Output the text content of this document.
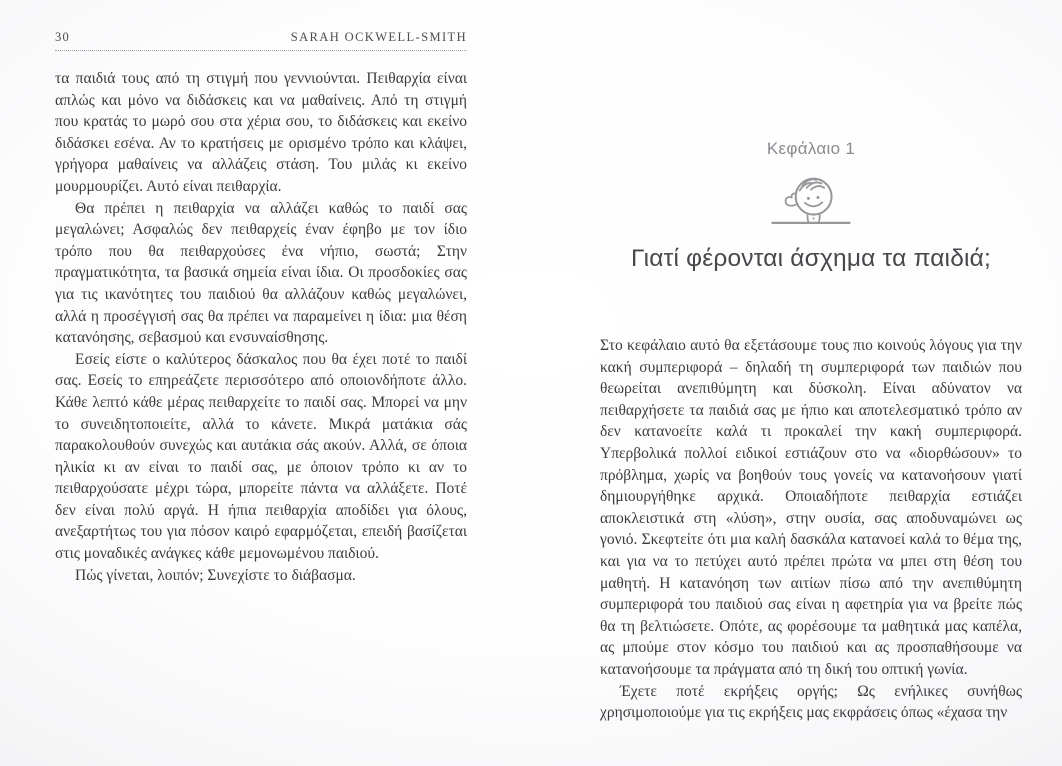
30	SARAH OCKWELL-SMITH

τα παιδιά τους από τη στιγμή που γεννιούνται. Πειθαρχία είναι απλώς και μόνο να διδάσκεις και να μαθαίνεις. Από τη στιγμή που κρατάς το μωρό σου στα χέρια σου, το διδάσκεις και εκείνο διδάσκει εσένα. Αν το κρατήσεις με ορισμένο τρόπο και κλάψει, γρήγορα μαθαίνεις να αλλάζεις στάση. Του μιλάς κι εκείνο μουρμουρίζει. Αυτό είναι πειθαρχία.

Θα πρέπει η πειθαρχία να αλλάζει καθώς το παιδί σας μεγαλώνει; Ασφαλώς δεν πειθαρχείς έναν έφηβο με τον ίδιο τρόπο που θα πειθαρχούσες ένα νήπιο, σωστά; Στην πραγματικότητα, τα βασικά σημεία είναι ίδια. Οι προσδοκίες σας για τις ικανότητες του παιδιού θα αλλάζουν καθώς μεγαλώνει, αλλά η προσέγγισή σας θα πρέπει να παραμείνει η ίδια: μια θέση κατανόησης, σεβασμού και ενσυναίσθησης.

Εσείς είστε ο καλύτερος δάσκαλος που θα έχει ποτέ το παιδί σας. Εσείς το επηρεάζετε περισσότερο από οποιονδήποτε άλλο. Κάθε λεπτό κάθε μέρας πειθαρχείτε το παιδί σας. Μπορεί να μην το συνειδητοποιείτε, αλλά το κάνετε. Μικρά ματάκια σάς παρακολουθούν συνεχώς και αυτάκια σάς ακούν. Αλλά, σε όποια ηλικία κι αν είναι το παιδί σας, με όποιον τρόπο κι αν το πειθαρχούσατε μέχρι τώρα, μπορείτε πάντα να αλλάξετε. Ποτέ δεν είναι πολύ αργά. Η ήπια πειθαρχία αποδίδει για όλους, ανεξαρτήτως του για πόσον καιρό εφαρμόζεται, επειδή βασίζεται στις μοναδικές ανάγκες κάθε μεμονωμένου παιδιού.

Πώς γίνεται, λοιπόν; Συνεχίστε το διάβασμα.

Κεφάλαιο 1
Γιατί φέρονται άσχημα τα παιδιά;

Στο κεφάλαιο αυτό θα εξετάσουμε τους πιο κοινούς λόγους για την κακή συμπεριφορά – δηλαδή τη συμπεριφορά των παιδιών που θεωρείται ανεπιθύμητη και δύσκολη. Είναι αδύνατον να πειθαρχήσετε τα παιδιά σας με ήπιο και αποτελεσματικό τρόπο αν δεν κατανοείτε καλά τι προκαλεί την κακή συμπεριφορά. Υπερβολικά πολλοί ειδικοί εστιάζουν στο να «διορθώσουν» το πρόβλημα, χωρίς να βοηθούν τους γονείς να κατανοήσουν γιατί δημιουργήθηκε αρχικά. Οποιαδήποτε πειθαρχία εστιάζει αποκλειστικά στη «λύση», στην ουσία, σας αποδυναμώνει ως γονιό. Σκεφτείτε ότι μια καλή δασκάλα κατανοεί καλά το θέμα της, και για να το πετύχει αυτό πρέπει πρώτα να μπει στη θέση του μαθητή. Η κατανόηση των αιτίων πίσω από την ανεπιθύμητη συμπεριφορά του παιδιού σας είναι η αφετηρία για να βρείτε πώς θα τη βελτιώσετε. Οπότε, ας φορέσουμε τα μαθητικά μας καπέλα, ας μπούμε στον κόσμο του παιδιού και ας προσπαθήσουμε να κατανοήσουμε τα πράγματα από τη δική του οπτική γωνία.

Έχετε ποτέ εκρήξεις οργής; Ως ενήλικες συνήθως χρησιμοποιούμε για τις εκρήξεις μας εκφράσεις όπως «έχασα την
